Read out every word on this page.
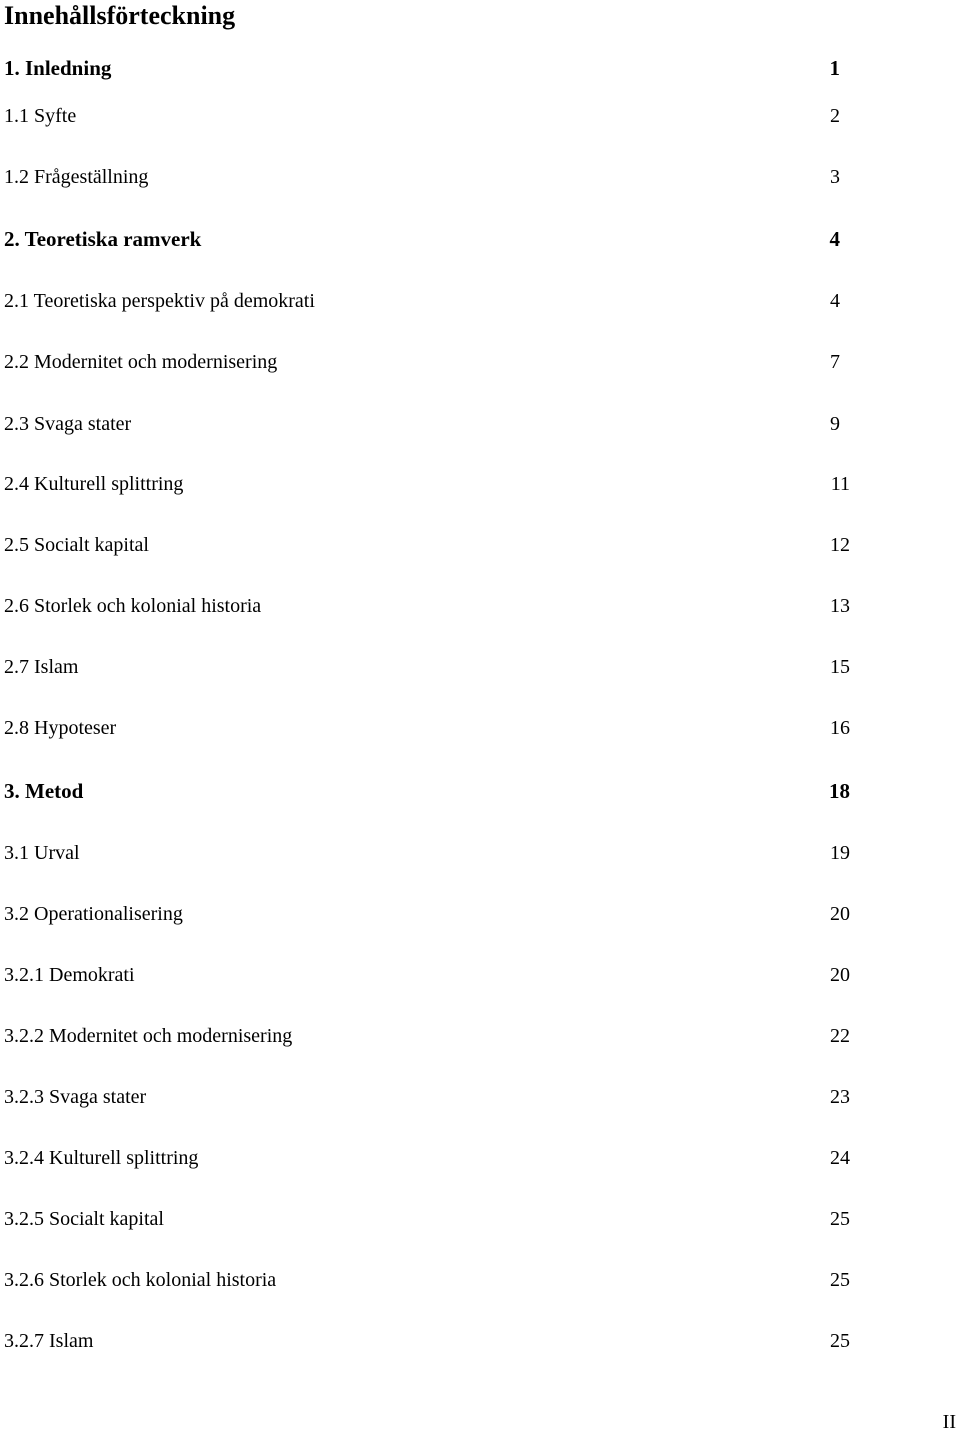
Innehållsförteckning
1. Inledning	1
1.1 Syfte	2
1.2 Frågeställning	3
2. Teoretiska ramverk	4
2.1 Teoretiska perspektiv på demokrati	4
2.2 Modernitet och modernisering	7
2.3 Svaga stater	9
2.4 Kulturell splittring	11
2.5 Socialt kapital	12
2.6 Storlek och kolonial historia	13
2.7 Islam	15
2.8 Hypoteser	16
3. Metod	18
3.1 Urval	19
3.2 Operationalisering	20
3.2.1 Demokrati	20
3.2.2 Modernitet och modernisering	22
3.2.3 Svaga stater	23
3.2.4 Kulturell splittring	24
3.2.5 Socialt kapital	25
3.2.6 Storlek och kolonial historia	25
3.2.7 Islam	25
II
